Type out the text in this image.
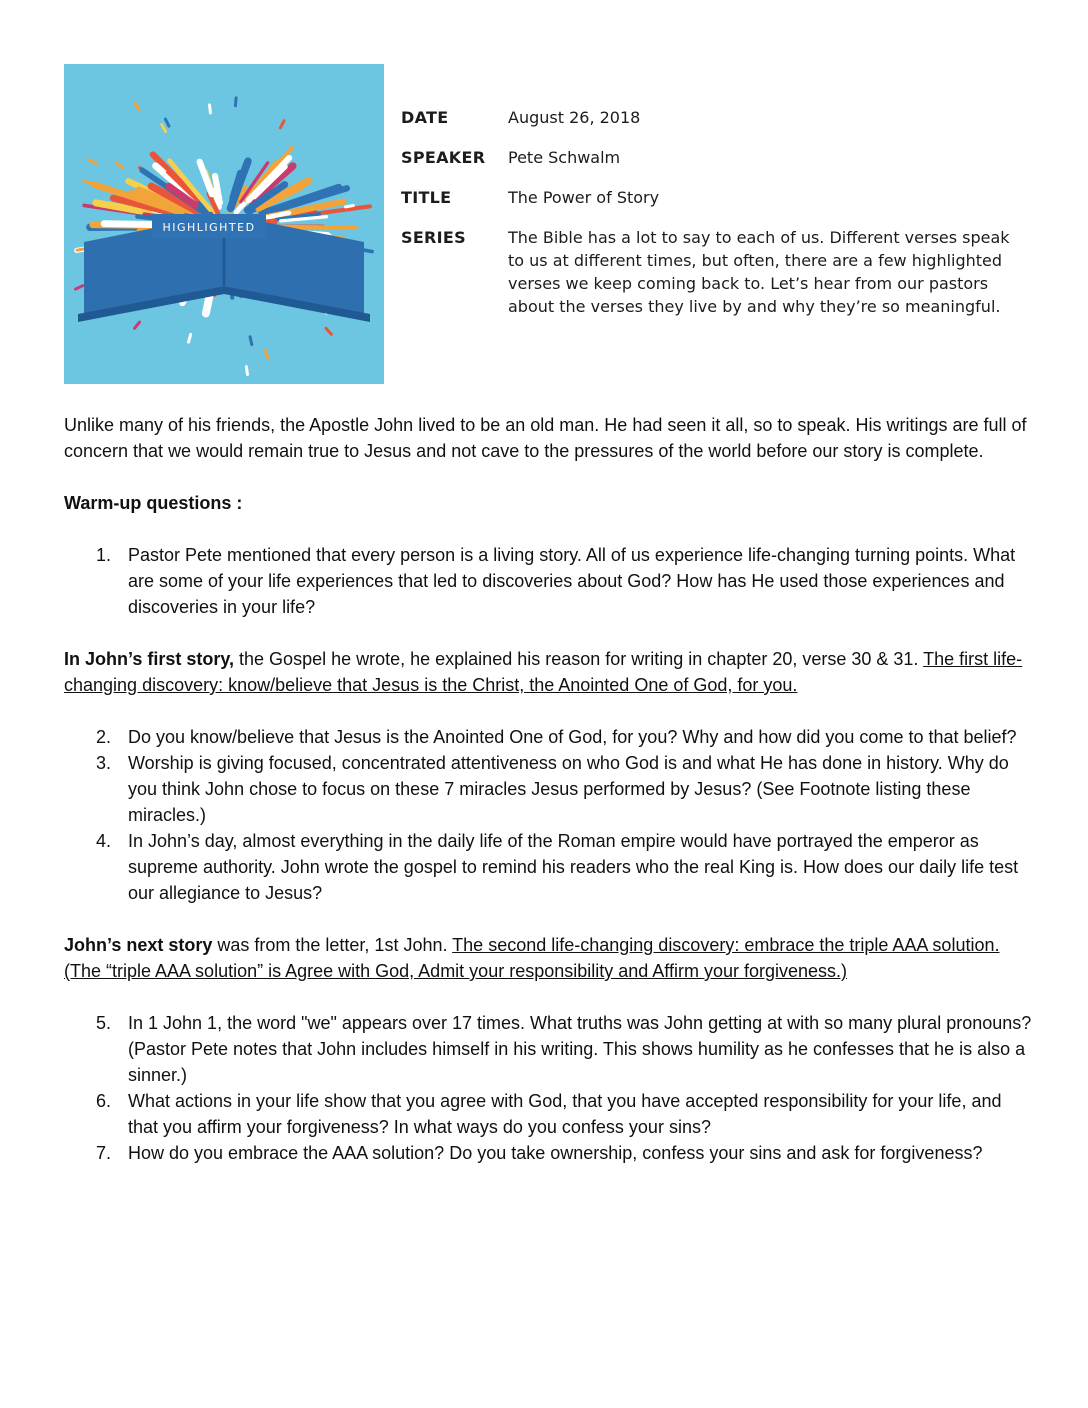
HIGHLIGHTED
DATE	August 26, 2018
SPEAKER	Pete Schwalm
TITLE	The Power of Story
SERIES	The Bible has a lot to say to each of us. Different verses speak to us at different times, but often, there are a few highlighted verses we keep coming back to. Let’s hear from our pastors about the verses they live by and why they’re so meaningful.

Unlike many of his friends, the Apostle John lived to be an old man. He had seen it all, so to speak. His writings are full of concern that we would remain true to Jesus and not cave to the pressures of the world before our story is complete.

Warm-up questions :

1. Pastor Pete mentioned that every person is a living story. All of us experience life-changing turning points. What are some of your life experiences that led to discoveries about God? How has He used those experiences and discoveries in your life?

In John’s first story, the Gospel he wrote, he explained his reason for writing in chapter 20, verse 30 & 31. The first life-changing discovery: know/believe that Jesus is the Christ, the Anointed One of God, for you.

2. Do you know/believe that Jesus is the Anointed One of God, for you? Why and how did you come to that belief?
3. Worship is giving focused, concentrated attentiveness on who God is and what He has done in history. Why do you think John chose to focus on these 7 miracles Jesus performed by Jesus? (See Footnote listing these miracles.)
4. In John’s day, almost everything in the daily life of the Roman empire would have portrayed the emperor as supreme authority. John wrote the gospel to remind his readers who the real King is. How does our daily life test our allegiance to Jesus?

John’s next story was from the letter, 1st John. The second life-changing discovery: embrace the triple AAA solution. (The “triple AAA solution” is Agree with God, Admit your responsibility and Affirm your forgiveness.)

5. In 1 John 1, the word "we" appears over 17 times. What truths was John getting at with so many plural pronouns? (Pastor Pete notes that John includes himself in his writing. This shows humility as he confesses that he is also a sinner.)
6. What actions in your life show that you agree with God, that you have accepted responsibility for your life, and that you affirm your forgiveness? In what ways do you confess your sins?
7. How do you embrace the AAA solution? Do you take ownership, confess your sins and ask for forgiveness?
